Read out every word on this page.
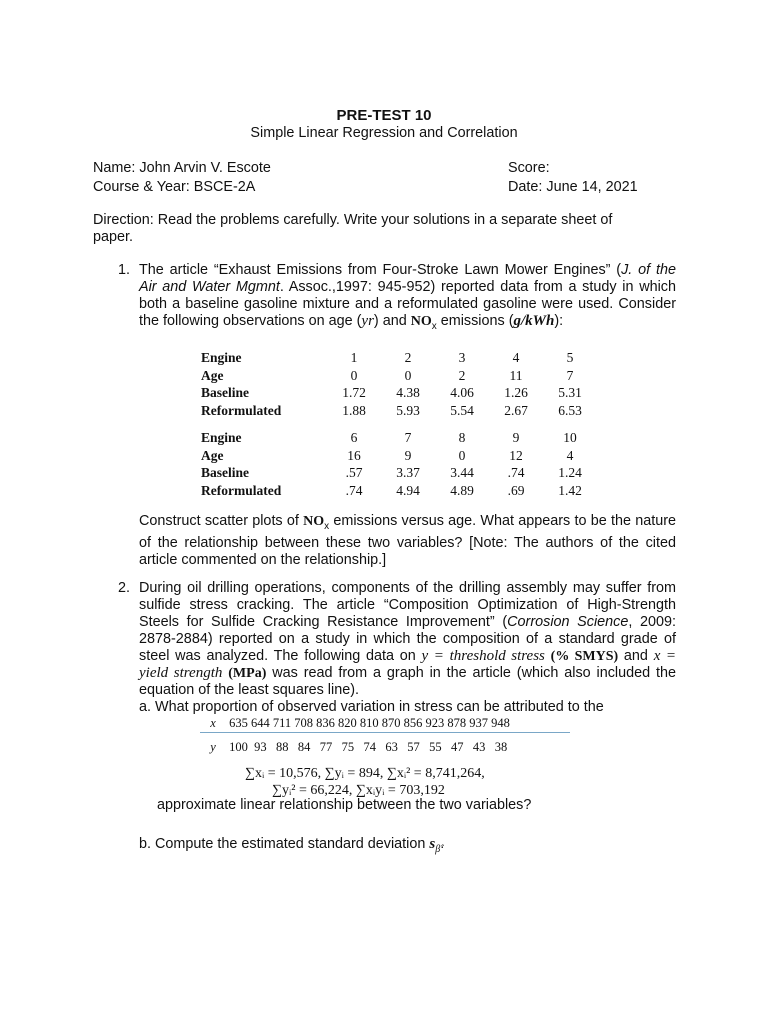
PRE-TEST 10
Simple Linear Regression and Correlation
Name: John Arvin V. Escote	Score:
Course & Year: BSCE-2A	Date: June 14, 2021
Direction: Read the problems carefully. Write your solutions in a separate sheet of paper.
1. The article “Exhaust Emissions from Four-Stroke Lawn Mower Engines” (J. of the Air and Water Mgmnt. Assoc.,1997: 945-952) reported data from a study in which both a baseline gasoline mixture and a reformulated gasoline were used. Consider the following observations on age (yr) and $NO_x$ emissions (g/kWh):
Engine	1	2	3	4	5
Age	0	0	2	11	7
Baseline	1.72	4.38	4.06	1.26	5.31
Reformulated	1.88	5.93	5.54	2.67	6.53
Engine	6	7	8	9	10
Age	16	9	0	12	4
Baseline	.57	3.37	3.44	.74	1.24
Reformulated	.74	4.94	4.89	.69	1.42
Construct scatter plots of $NO_x$ emissions versus age. What appears to be the nature of the relationship between these two variables? [Note: The authors of the cited article commented on the relationship.]
2. During oil drilling operations, components of the drilling assembly may suffer from sulfide stress cracking. The article “Composition Optimization of High-Strength Steels for Sulfide Cracking Resistance Improvement” (Corrosion Science, 2009: 2878-2884) reported on a study in which the composition of a standard grade of steel was analyzed. The following data on y = threshold stress (% SMYS) and x = yield strength (MPa) was read from a graph in the article (which also included the equation of the least squares line).
a. What proportion of observed variation in stress can be attributed to the
x 635 644 711 708 836 820 810 870 856 923 878 937 948
y 100 93 88 84 77 75 74 63 57 55 47 43 38
∑xᵢ = 10,576, ∑yᵢ = 894, ∑xᵢ² = 8,741,264,
∑yᵢ² = 66,224, ∑xᵢyᵢ = 703,192
approximate linear relationship between the two variables?
b. Compute the estimated standard deviation $s_{\betâ}$.
